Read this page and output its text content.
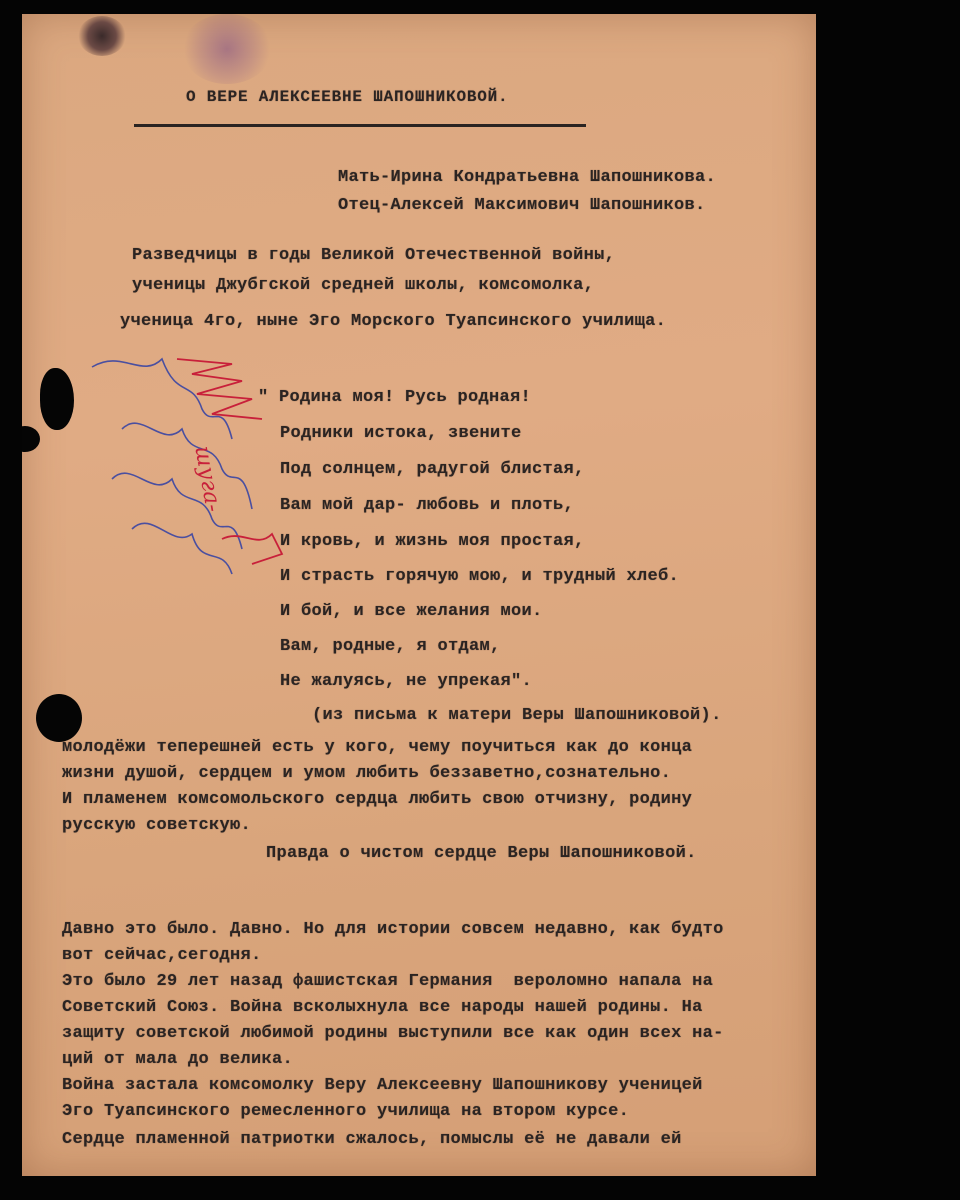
О ВЕРЕ АЛЕКСЕЕВНЕ ШАПОШНИКОВОЙ.
Мать-Ирина Кондратьевна Шапошникова.
Отец-Алексей Максимович Шапошников.
Разведчицы в годы Великой Отечественной войны,
ученицы Джубгской средней школы, комсомолка,
ученица 4го, ныне Эго Морского Туапсинского училища.
шуга-
" Родина моя! Русь родная!
Родники истока, звените
Под солнцем, радугой блистая,
Вам мой дар- любовь и плоть,
И кровь, и жизнь моя простая,
И страсть горячую мою, и трудный хлеб.
И бой, и все желания мои.
Вам, родные, я отдам,
Не жалуясь, не упрекая".
(из письма к матери Веры Шапошниковой).
молодёжи теперешней есть у кого, чему поучиться как до конца
жизни душой, сердцем и умом любить беззаветно,сознательно.
И пламенем комсомольского сердца любить свою отчизну, родину
русскую советскую.
Правда о чистом сердце Веры Шапошниковой.
Давно это было. Давно. Но для истории совсем недавно, как будто
вот сейчас,сегодня.
Это было 29 лет назад фашистская Германия  вероломно напала на
Советский Союз. Война всколыхнула все народы нашей родины. На
защиту советской любимой родины выступили все как один всех на-
ций от мала до велика.
Война застала комсомолку Веру Алексеевну Шапошникову ученицей
Эго Туапсинского ремесленного училища на втором курсе.
Сердце пламенной патриотки сжалось, помыслы её не давали ей
